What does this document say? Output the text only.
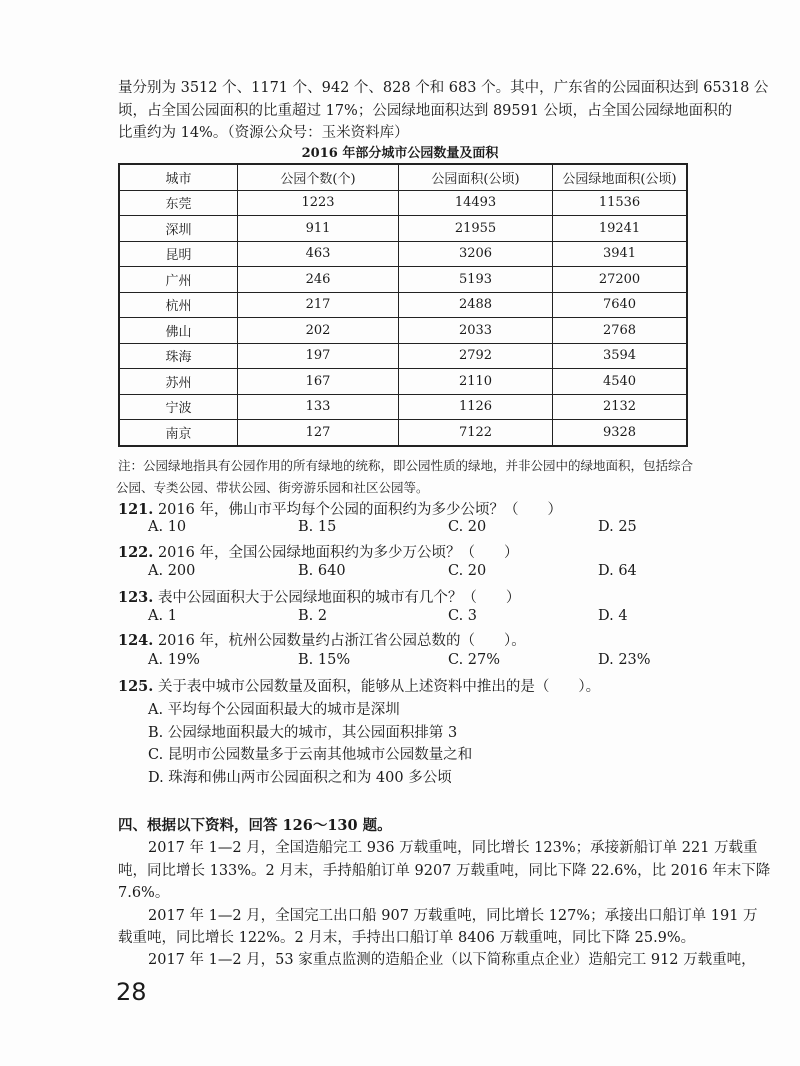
量分别为 3512 个、1171 个、942 个、828 个和 683 个。其中，广东省的公园面积达到 65318 公
顷，占全国公园面积的比重超过 17%；公园绿地面积达到 89591 公顷，占全国公园绿地面积的
比重约为 14%。（资源公众号：玉米资料库）
2016 年部分城市公园数量及面积
城市	公园个数(个)	公园面积(公顷)	公园绿地面积(公顷)
东莞	1223	14493	11536
深圳	911	21955	19241
昆明	463	3206	3941
广州	246	5193	27200
杭州	217	2488	7640
佛山	202	2033	2768
珠海	197	2792	3594
苏州	167	2110	4540
宁波	133	1126	2132
南京	127	7122	9328
注：公园绿地指具有公园作用的所有绿地的统称，即公园性质的绿地，并非公园中的绿地面积，包括综合
公园、专类公园、带状公园、街旁游乐园和社区公园等。
121. 2016 年，佛山市平均每个公园的面积约为多少公顷？（　　）
A. 10	B. 15	C. 20	D. 25
122. 2016 年，全国公园绿地面积约为多少万公顷？（　　）
A. 200	B. 640	C. 20	D. 64
123. 表中公园面积大于公园绿地面积的城市有几个？（　　）
A. 1	B. 2	C. 3	D. 4
124. 2016 年，杭州公园数量约占浙江省公园总数的（　　）。
A. 19%	B. 15%	C. 27%	D. 23%
125. 关于表中城市公园数量及面积，能够从上述资料中推出的是（　　）。
A. 平均每个公园面积最大的城市是深圳
B. 公园绿地面积最大的城市，其公园面积排第 3
C. 昆明市公园数量多于云南其他城市公园数量之和
D. 珠海和佛山两市公园面积之和为 400 多公顷
四、根据以下资料，回答 126～130 题。
2017 年 1—2 月，全国造船完工 936 万载重吨，同比增长 123%；承接新船订单 221 万载重
吨，同比增长 133%。2 月末，手持船舶订单 9207 万载重吨，同比下降 22.6%，比 2016 年末下降
7.6%。
2017 年 1—2 月，全国完工出口船 907 万载重吨，同比增长 127%；承接出口船订单 191 万
载重吨，同比增长 122%。2 月末，手持出口船订单 8406 万载重吨，同比下降 25.9%。
2017 年 1—2 月，53 家重点监测的造船企业（以下简称重点企业）造船完工 912 万载重吨，
28
